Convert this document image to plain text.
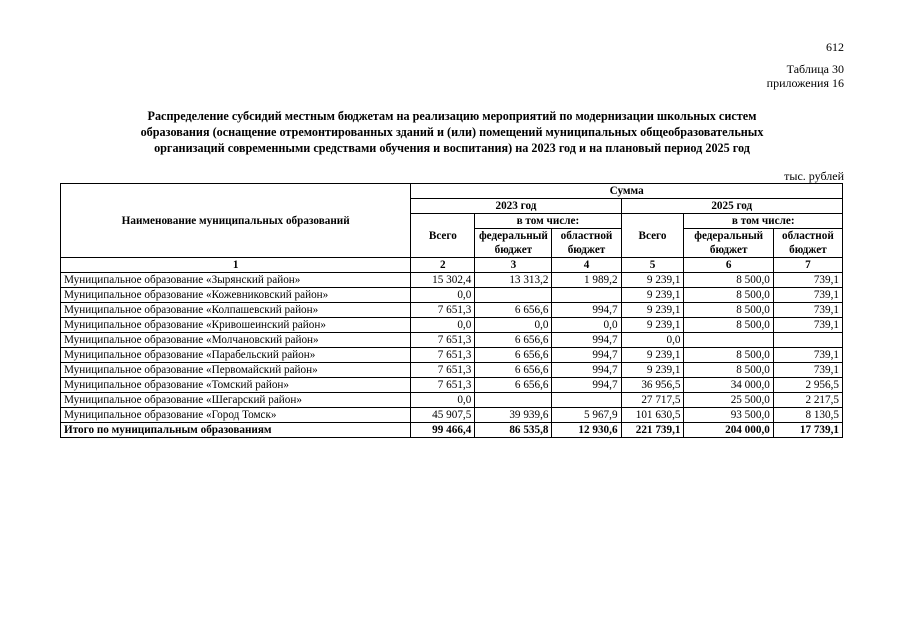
612
Таблица 30
приложения 16
Распределение субсидий местным бюджетам на реализацию мероприятий по модернизации школьных систем
образования (оснащение отремонтированных зданий и (или) помещений муниципальных общеобразовательных
организаций современными средствами обучения и воспитания) на 2023 год и на плановый период 2025 год
тыс. рублей
Наименование муниципальных образований	Сумма					
	2023 год			2025 год		
	Всего	в том числе:		Всего	в том числе:	
		федеральный	областной		федеральный	областной
		бюджет	бюджет		бюджет	бюджет
1	2	3	4	5	6	7
Муниципальное образование «Зырянский район»	15 302,4	13 313,2	1 989,2	9 239,1	8 500,0	739,1
Муниципальное образование «Кожевниковский район»	0,0			9 239,1	8 500,0	739,1
Муниципальное образование «Колпашевский район»	7 651,3	6 656,6	994,7	9 239,1	8 500,0	739,1
Муниципальное образование «Кривошеинский район»	0,0	0,0	0,0	9 239,1	8 500,0	739,1
Муниципальное образование «Молчановский район»	7 651,3	6 656,6	994,7	0,0		
Муниципальное образование «Парабельский район»	7 651,3	6 656,6	994,7	9 239,1	8 500,0	739,1
Муниципальное образование «Первомайский район»	7 651,3	6 656,6	994,7	9 239,1	8 500,0	739,1
Муниципальное образование «Томский район»	7 651,3	6 656,6	994,7	36 956,5	34 000,0	2 956,5
Муниципальное образование «Шегарский район»	0,0			27 717,5	25 500,0	2 217,5
Муниципальное образование «Город Томск»	45 907,5	39 939,6	5 967,9	101 630,5	93 500,0	8 130,5
Итого по муниципальным образованиям	99 466,4	86 535,8	12 930,6	221 739,1	204 000,0	17 739,1
